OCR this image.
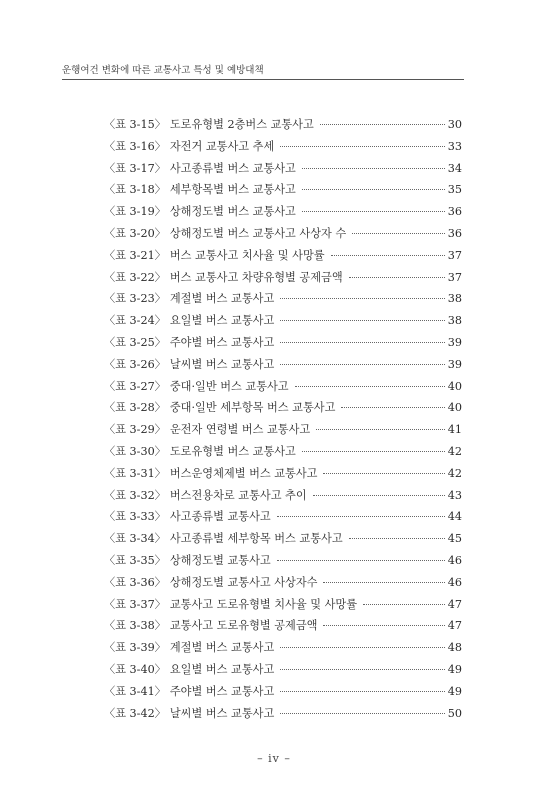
운행여건 변화에 따른 교통사고 특성 및 예방대책
〈표 3-15〉 도로유형별 2층버스 교통사고	30
〈표 3-16〉 자전거 교통사고 추세	33
〈표 3-17〉 사고종류별 버스 교통사고	34
〈표 3-18〉 세부항목별 버스 교통사고	35
〈표 3-19〉 상해정도별 버스 교통사고	36
〈표 3-20〉 상해정도별 버스 교통사고 사상자 수	36
〈표 3-21〉 버스 교통사고 치사율 및 사망률	37
〈표 3-22〉 버스 교통사고 차량유형별 공제금액	37
〈표 3-23〉 계절별 버스 교통사고	38
〈표 3-24〉 요일별 버스 교통사고	38
〈표 3-25〉 주야별 버스 교통사고	39
〈표 3-26〉 날씨별 버스 교통사고	39
〈표 3-27〉 중대·일반 버스 교통사고	40
〈표 3-28〉 중대·일반 세부항목 버스 교통사고	40
〈표 3-29〉 운전자 연령별 버스 교통사고	41
〈표 3-30〉 도로유형별 버스 교통사고	42
〈표 3-31〉 버스운영체제별 버스 교통사고	42
〈표 3-32〉 버스전용차로 교통사고 추이	43
〈표 3-33〉 사고종류별 교통사고	44
〈표 3-34〉 사고종류별 세부항목 버스 교통사고	45
〈표 3-35〉 상해정도별 교통사고	46
〈표 3-36〉 상해정도별 교통사고 사상자수	46
〈표 3-37〉 교통사고 도로유형별 치사율 및 사망률	47
〈표 3-38〉 교통사고 도로유형별 공제금액	47
〈표 3-39〉 계절별 버스 교통사고	48
〈표 3-40〉 요일별 버스 교통사고	49
〈표 3-41〉 주야별 버스 교통사고	49
〈표 3-42〉 날씨별 버스 교통사고	50
– iv –
